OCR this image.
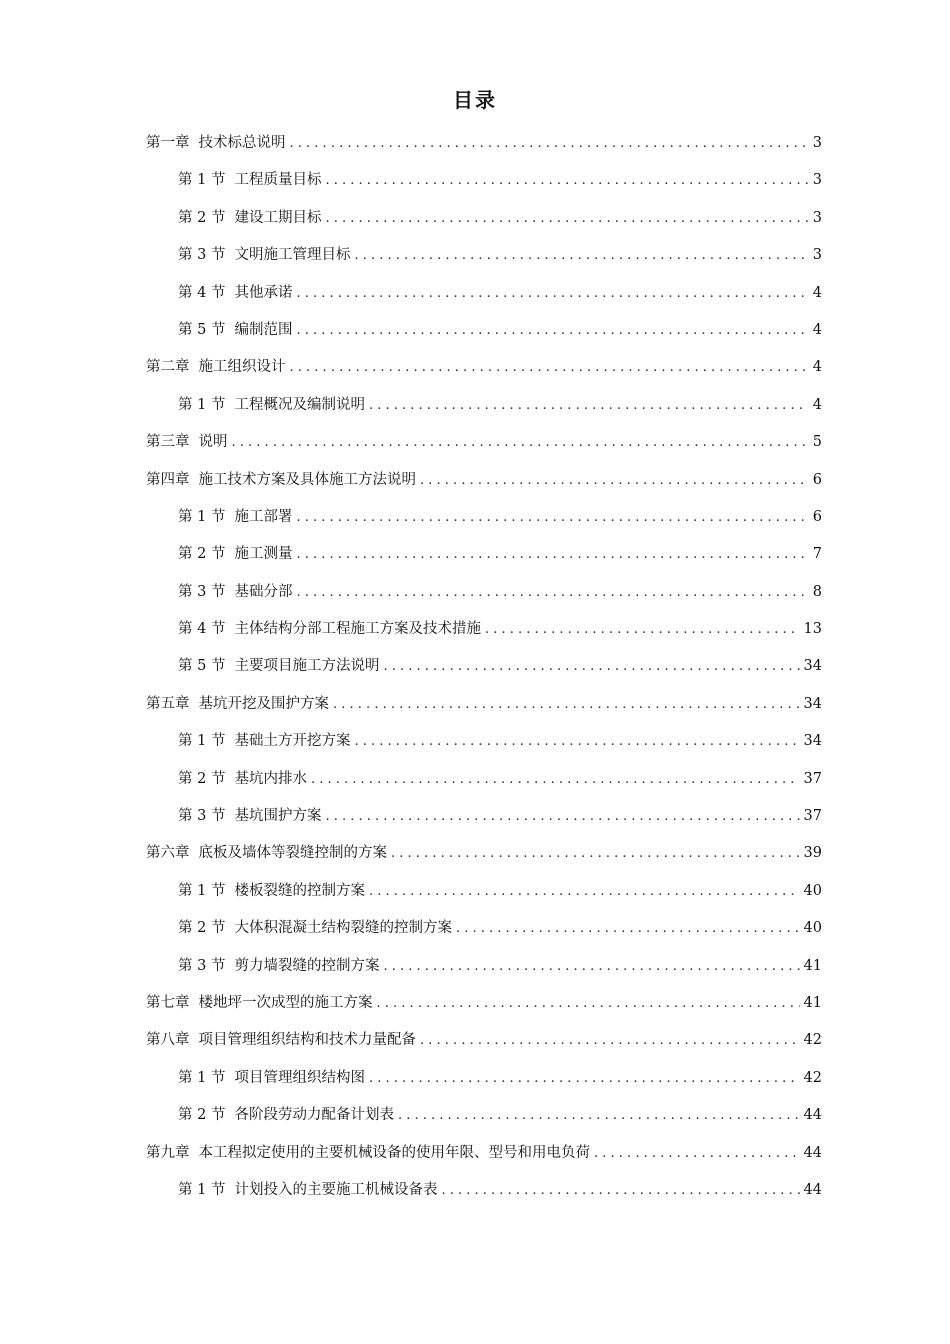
目录
第一章 技术标总说明 . . .	3
第 1 节 工程质量目标 . . .	3
第 2 节 建设工期目标 . . .	3
第 3 节 文明施工管理目标 . . .	3
第 4 节 其他承诺 . . .	4
第 5 节 编制范围 . . .	4
第二章 施工组织设计 . . .	4
第 1 节 工程概况及编制说明 . . .	4
第三章 说明 . . .	5
第四章 施工技术方案及具体施工方法说明 . . .	6
第 1 节 施工部署 . . .	6
第 2 节 施工测量 . . .	7
第 3 节 基础分部 . . .	8
第 4 节 主体结构分部工程施工方案及技术措施 . . .	13
第 5 节 主要项目施工方法说明 . . .	34
第五章 基坑开挖及围护方案 . . .	34
第 1 节 基础土方开挖方案 . . .	34
第 2 节 基坑内排水 . . .	37
第 3 节 基坑围护方案 . . .	37
第六章 底板及墙体等裂缝控制的方案 . . .	39
第 1 节 楼板裂缝的控制方案 . . .	40
第 2 节 大体积混凝土结构裂缝的控制方案 . . .	40
第 3 节 剪力墙裂缝的控制方案 . . .	41
第七章 楼地坪一次成型的施工方案 . . .	41
第八章 项目管理组织结构和技术力量配备 . . .	42
第 1 节 项目管理组织结构图 . . .	42
第 2 节 各阶段劳动力配备计划表 . . .	44
第九章 本工程拟定使用的主要机械设备的使用年限、型号和用电负荷 . . .	44
第 1 节 计划投入的主要施工机械设备表 . . .	44
